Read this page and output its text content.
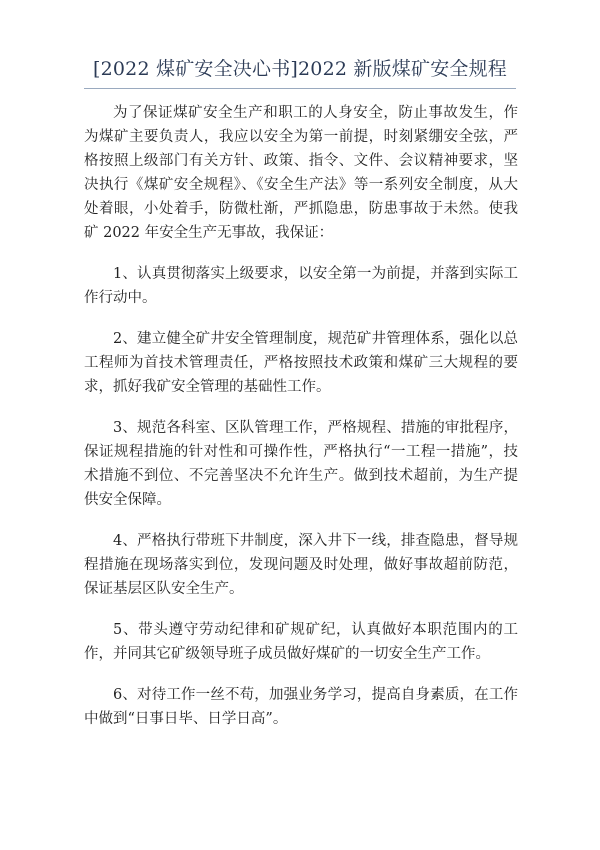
[2022 煤矿安全决心书]2022 新版煤矿安全规程

为了保证煤矿安全生产和职工的人身安全，防止事故发生，作为煤矿主要负责人，我应以安全为第一前提，时刻紧绷安全弦，严格按照上级部门有关方针、政策、指令、文件、会议精神要求，坚决执行《煤矿安全规程》、《安全生产法》等一系列安全制度，从大处着眼，小处着手，防微杜渐，严抓隐患，防患事故于未然。使我矿 2022 年安全生产无事故，我保证：

1、认真贯彻落实上级要求，以安全第一为前提，并落到实际工作行动中。

2、建立健全矿井安全管理制度，规范矿井管理体系，强化以总工程师为首技术管理责任，严格按照技术政策和煤矿三大规程的要求，抓好我矿安全管理的基础性工作。

3、规范各科室、区队管理工作，严格规程、措施的审批程序，保证规程措施的针对性和可操作性，严格执行“一工程一措施”，技术措施不到位、不完善坚决不允许生产。做到技术超前，为生产提供安全保障。

4、严格执行带班下井制度，深入井下一线，排查隐患，督导规程措施在现场落实到位，发现问题及时处理，做好事故超前防范，保证基层区队安全生产。

5、带头遵守劳动纪律和矿规矿纪，认真做好本职范围内的工作，并同其它矿级领导班子成员做好煤矿的一切安全生产工作。

6、对待工作一丝不苟，加强业务学习，提高自身素质，在工作中做到“日事日毕、日学日高”。
